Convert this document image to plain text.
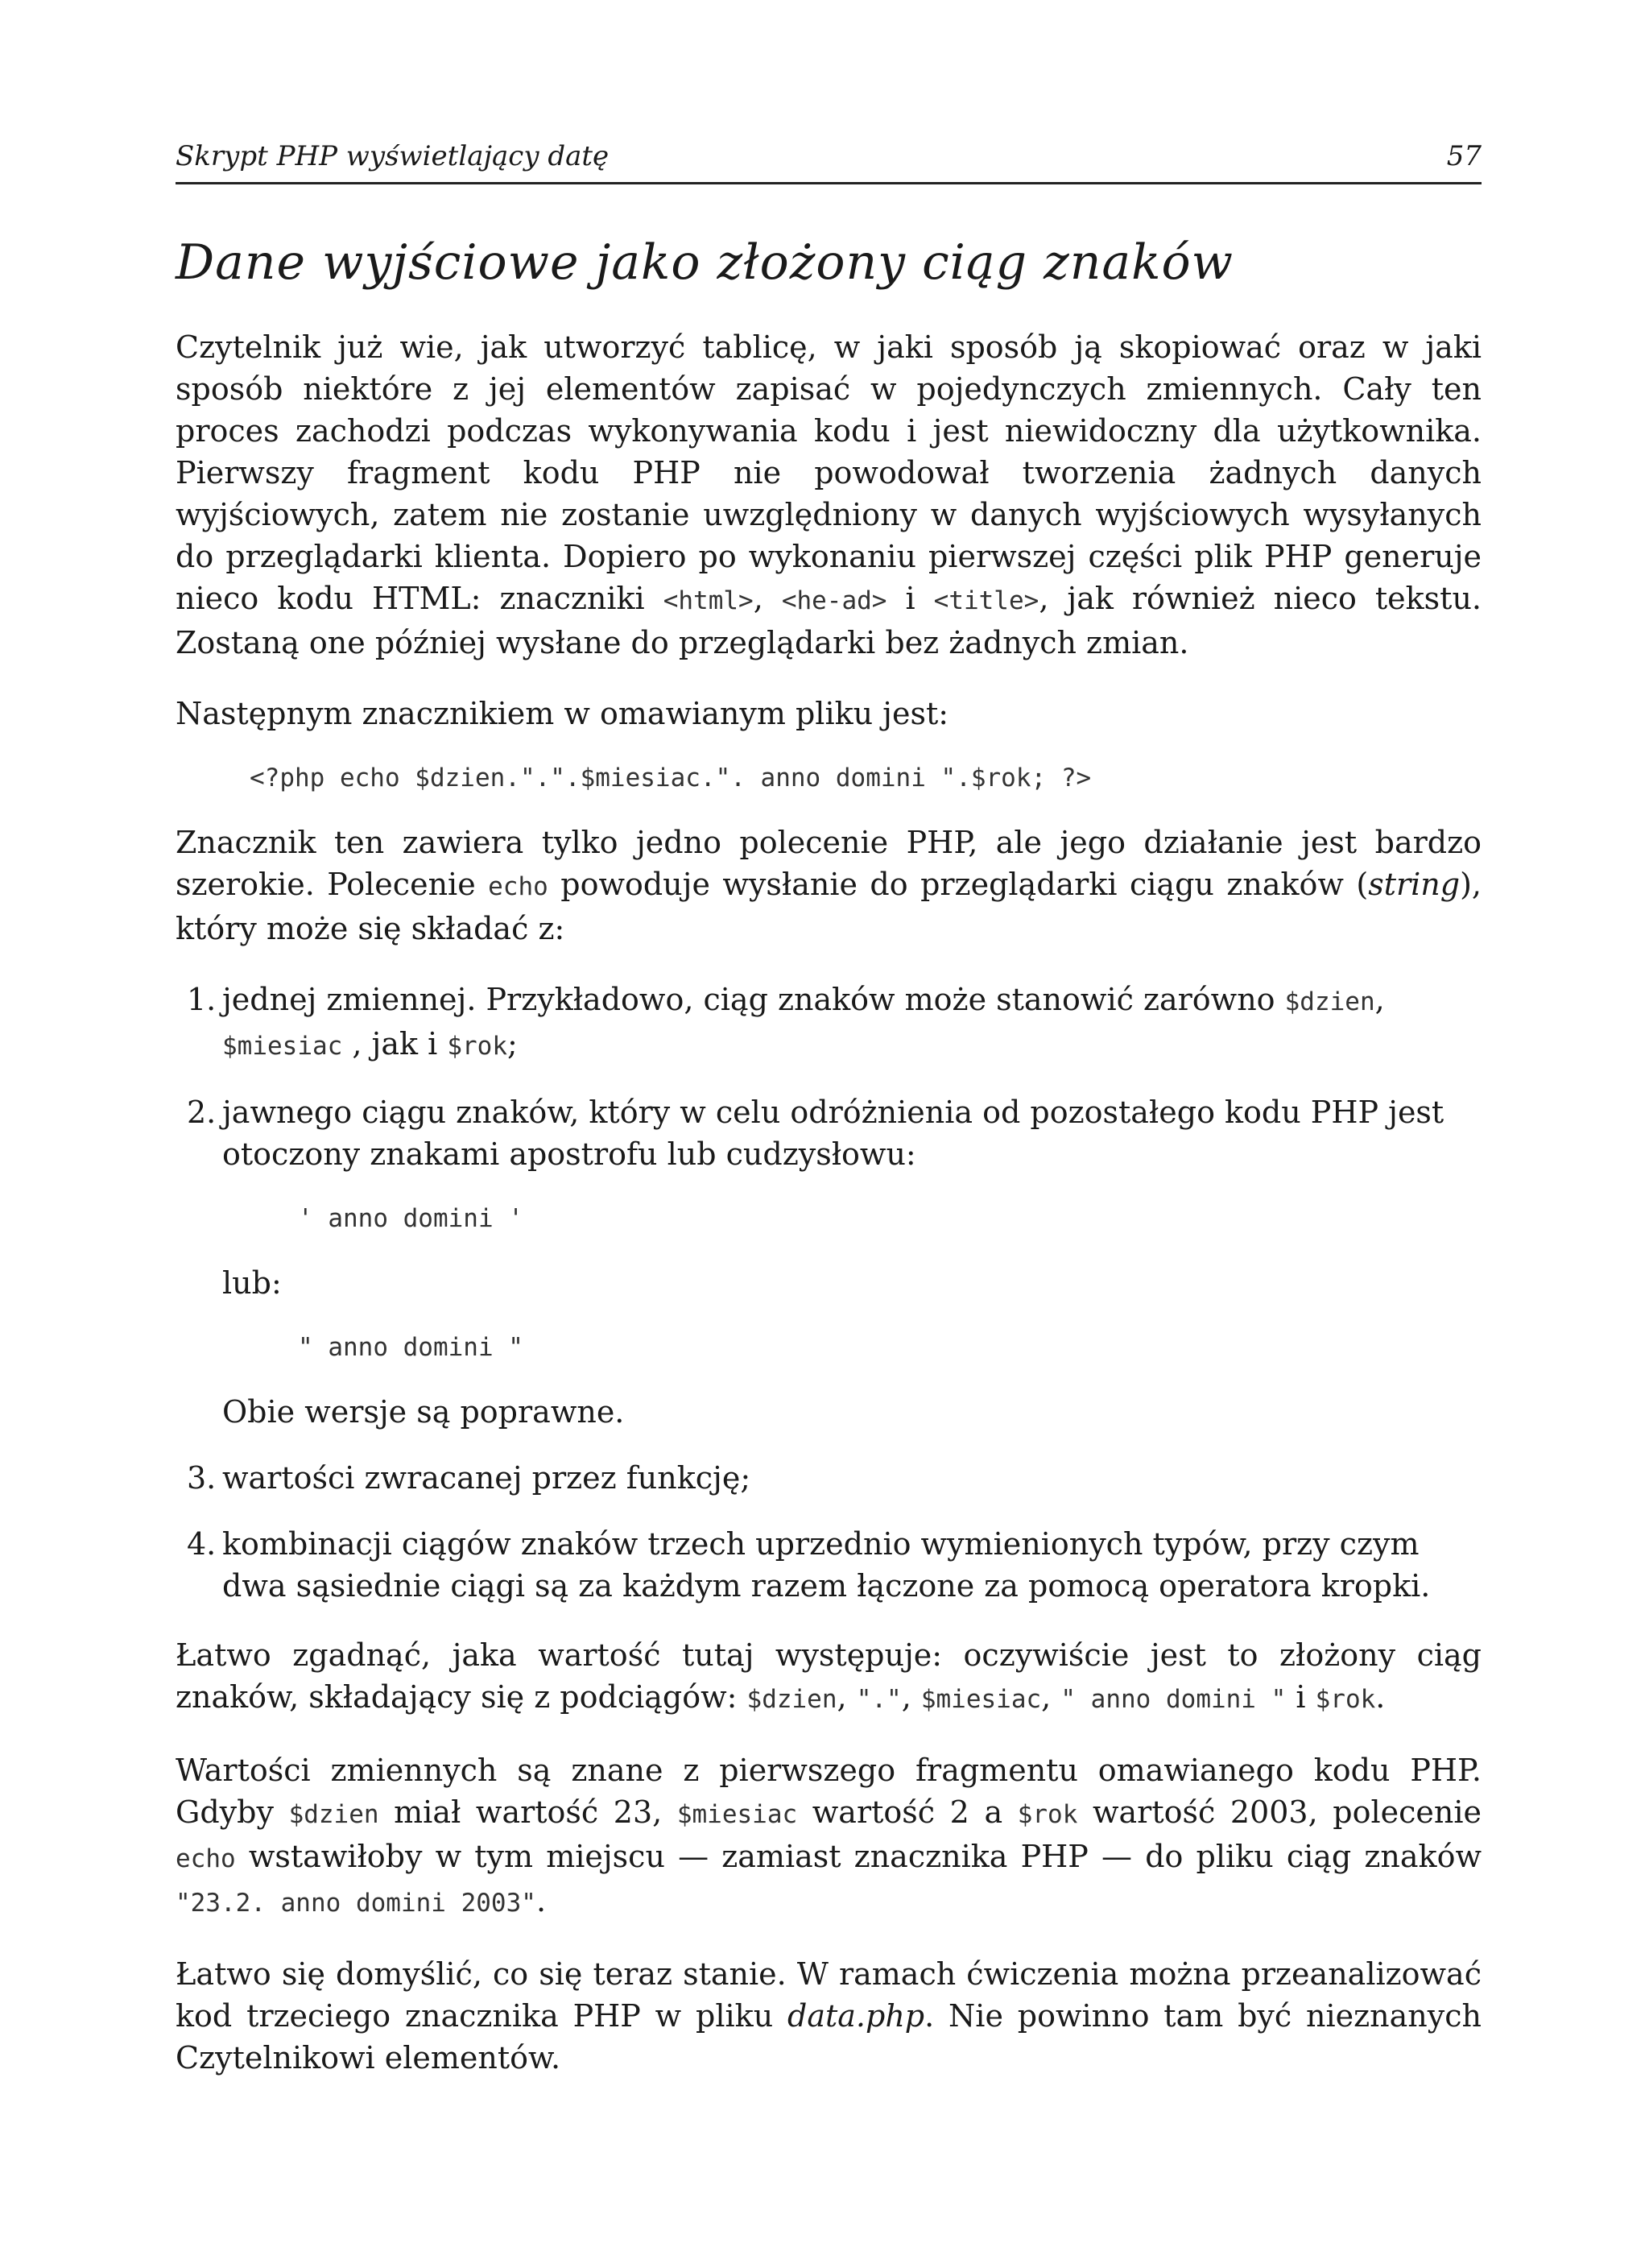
Skrypt PHP wyświetlający datę	57
Dane wyjściowe jako złożony ciąg znaków

Czytelnik już wie, jak utworzyć tablicę, w jaki sposób ją skopiować oraz w jaki sposób niektóre z jej elementów zapisać w pojedynczych zmiennych. Cały ten proces zachodzi podczas wykonywania kodu i jest niewidoczny dla użytkownika. Pierwszy fragment kodu PHP nie powodował tworzenia żadnych danych wyjściowych, zatem nie zostanie uwzględniony w danych wyjściowych wysyłanych do przeglądarki klienta. Dopiero po wykonaniu pierwszej części plik PHP generuje nieco kodu HTML: znaczniki <html>, <he-ad> i <title>, jak również nieco tekstu. Zostaną one później wysłane do przeglądarki bez żadnych zmian.

Następnym znacznikiem w omawianym pliku jest:

<?php echo $dzien.".".$miesiac.". anno domini ".$rok; ?>

Znacznik ten zawiera tylko jedno polecenie PHP, ale jego działanie jest bardzo szerokie. Polecenie echo powoduje wysłanie do przeglądarki ciągu znaków (string), który może się składać z:

1. jednej zmiennej. Przykładowo, ciąg znaków może stanowić zarówno $dzien, $miesiac , jak i $rok;
2. jawnego ciągu znaków, który w celu odróżnienia od pozostałego kodu PHP jest otoczony znakami apostrofu lub cudzysłowu:
' anno domini '
lub:
" anno domini "
Obie wersje są poprawne.
3. wartości zwracanej przez funkcję;
4. kombinacji ciągów znaków trzech uprzednio wymienionych typów, przy czym dwa sąsiednie ciągi są za każdym razem łączone za pomocą operatora kropki.

Łatwo zgadnąć, jaka wartość tutaj występuje: oczywiście jest to złożony ciąg znaków, składający się z podciągów: $dzien, ".", $miesiac, " anno domini " i $rok.

Wartości zmiennych są znane z pierwszego fragmentu omawianego kodu PHP. Gdyby $dzien miał wartość 23, $miesiac wartość 2 a $rok wartość 2003, polecenie echo wstawiłoby w tym miejscu — zamiast znacznika PHP — do pliku ciąg znaków "23.2. anno domini 2003".

Łatwo się domyślić, co się teraz stanie. W ramach ćwiczenia można przeanalizować kod trzeciego znacznika PHP w pliku data.php. Nie powinno tam być nieznanych Czytelnikowi elementów.
